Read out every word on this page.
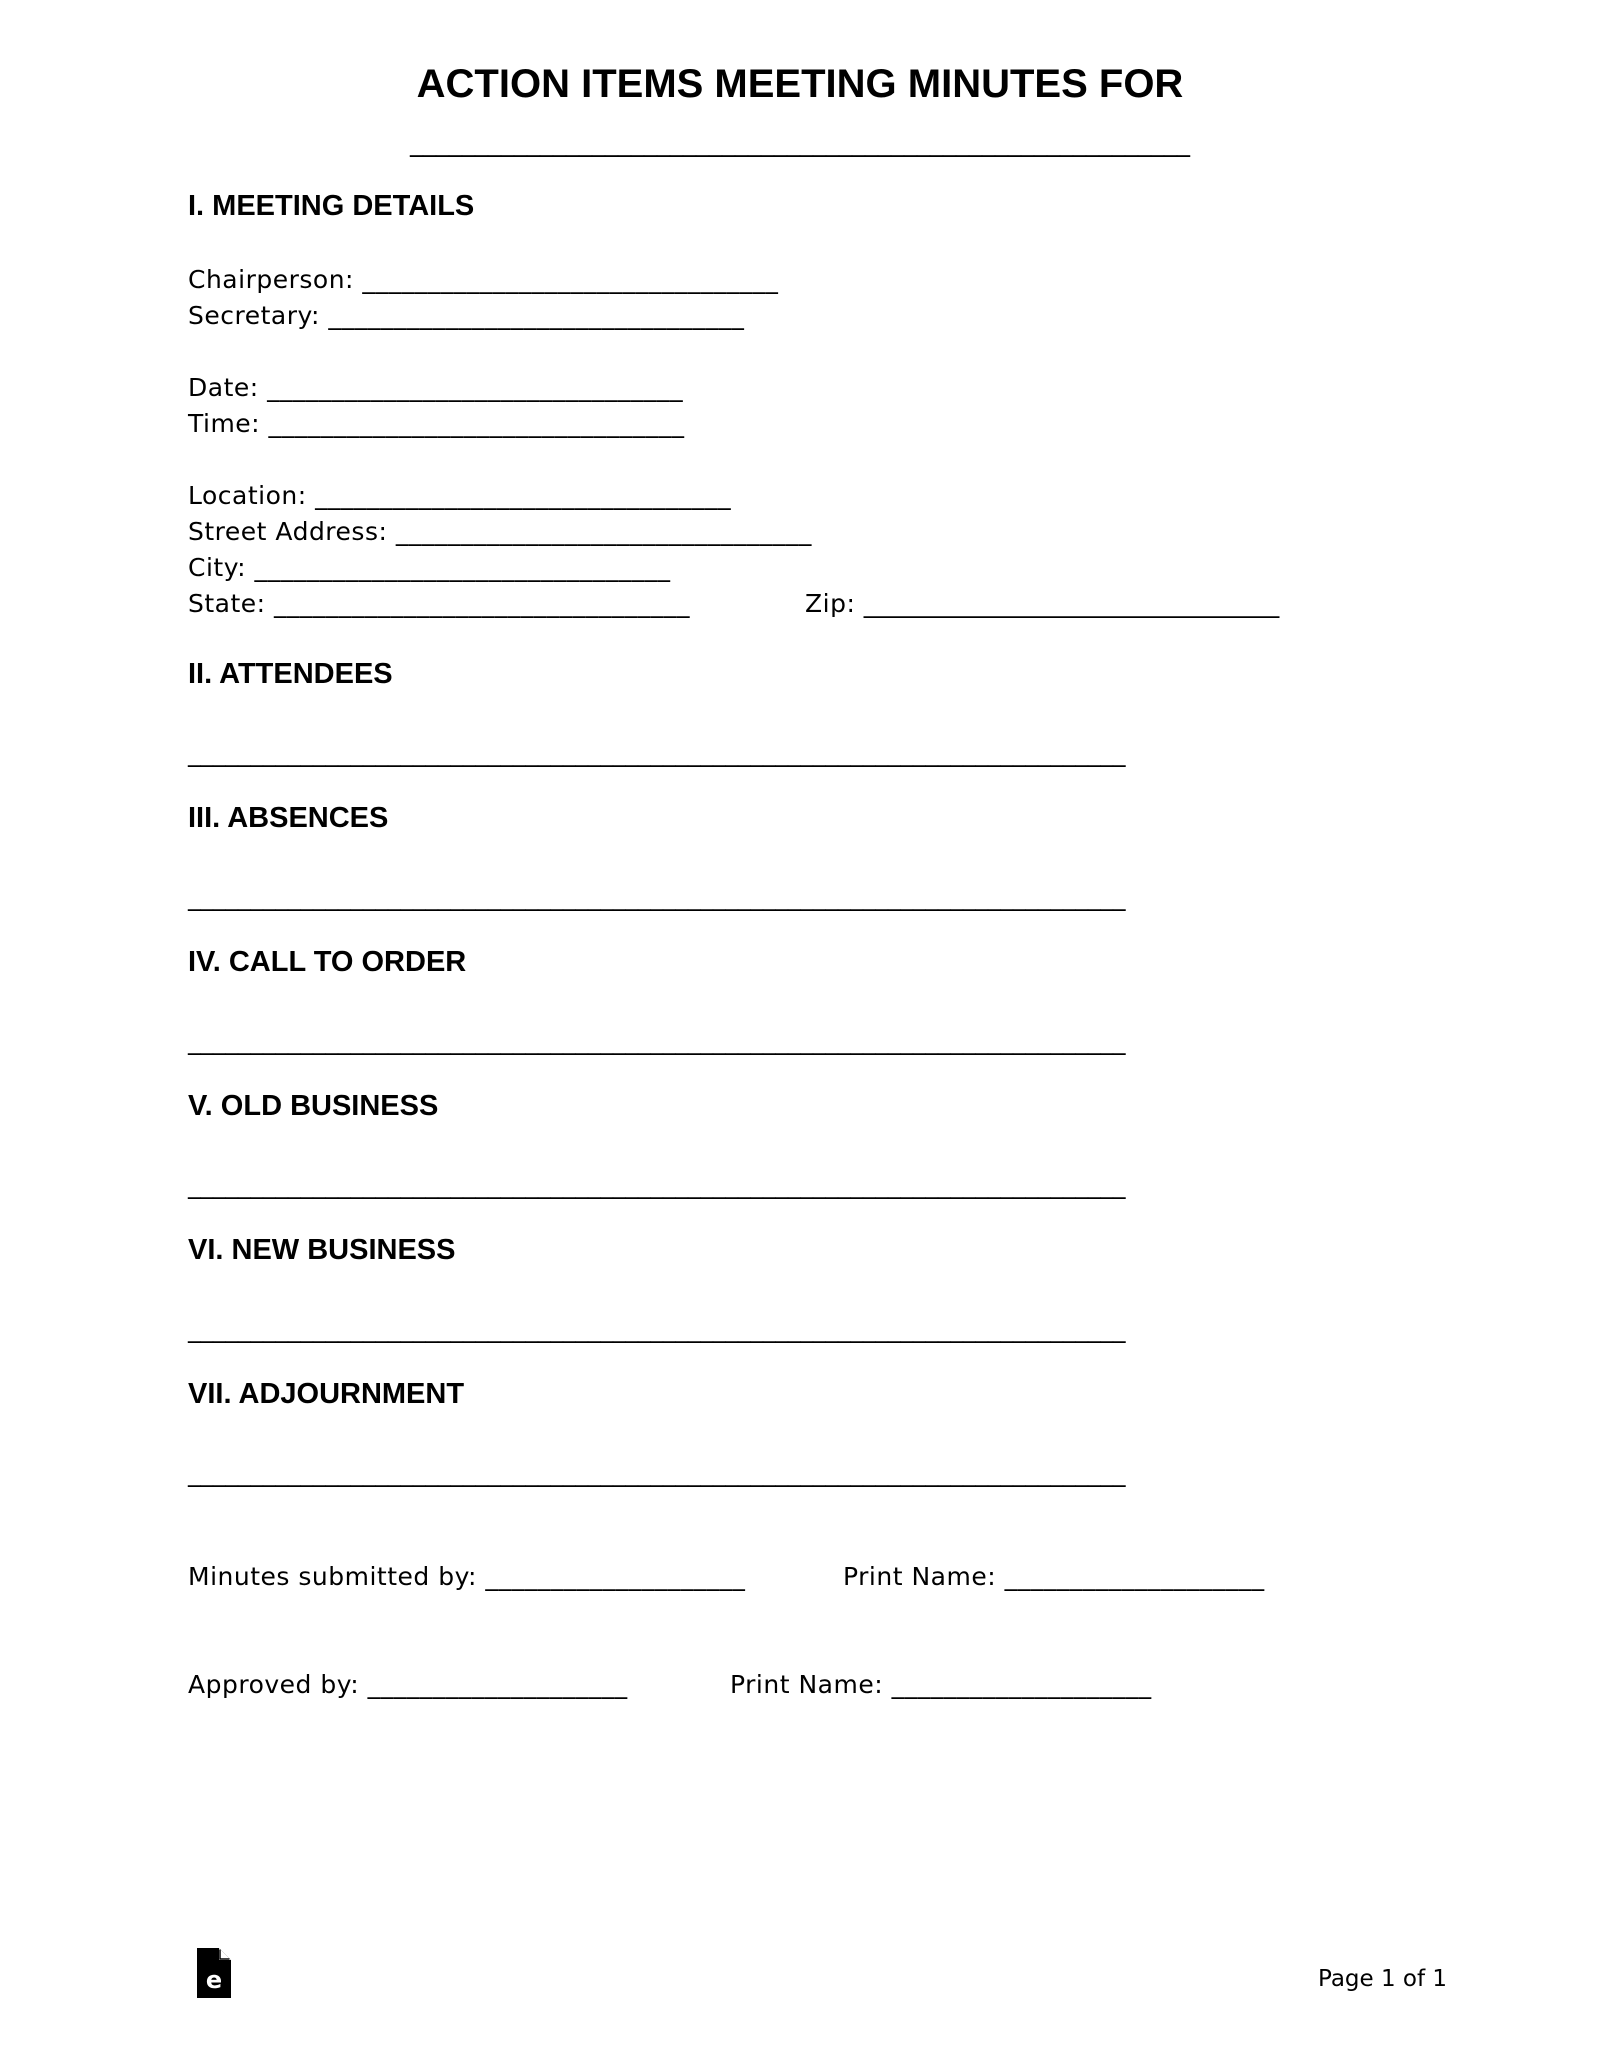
ACTION ITEMS MEETING MINUTES FOR
____________________________________________________________
I. MEETING DETAILS
Chairperson: ________________________________
Secretary: ________________________________
Date: ________________________________
Time: ________________________________
Location: ________________________________
Street Address: ________________________________
City: ________________________________
State: ________________________________	Zip: ________________________________
II. ATTENDEES
___________________________________________________________________________
III. ABSENCES
___________________________________________________________________________
IV. CALL TO ORDER
___________________________________________________________________________
V. OLD BUSINESS
___________________________________________________________________________
VI. NEW BUSINESS
___________________________________________________________________________
VII. ADJOURNMENT
___________________________________________________________________________
Minutes submitted by: ____________________	Print Name: ____________________
Approved by: ____________________	Print Name: ____________________
e	Page 1 of 1
